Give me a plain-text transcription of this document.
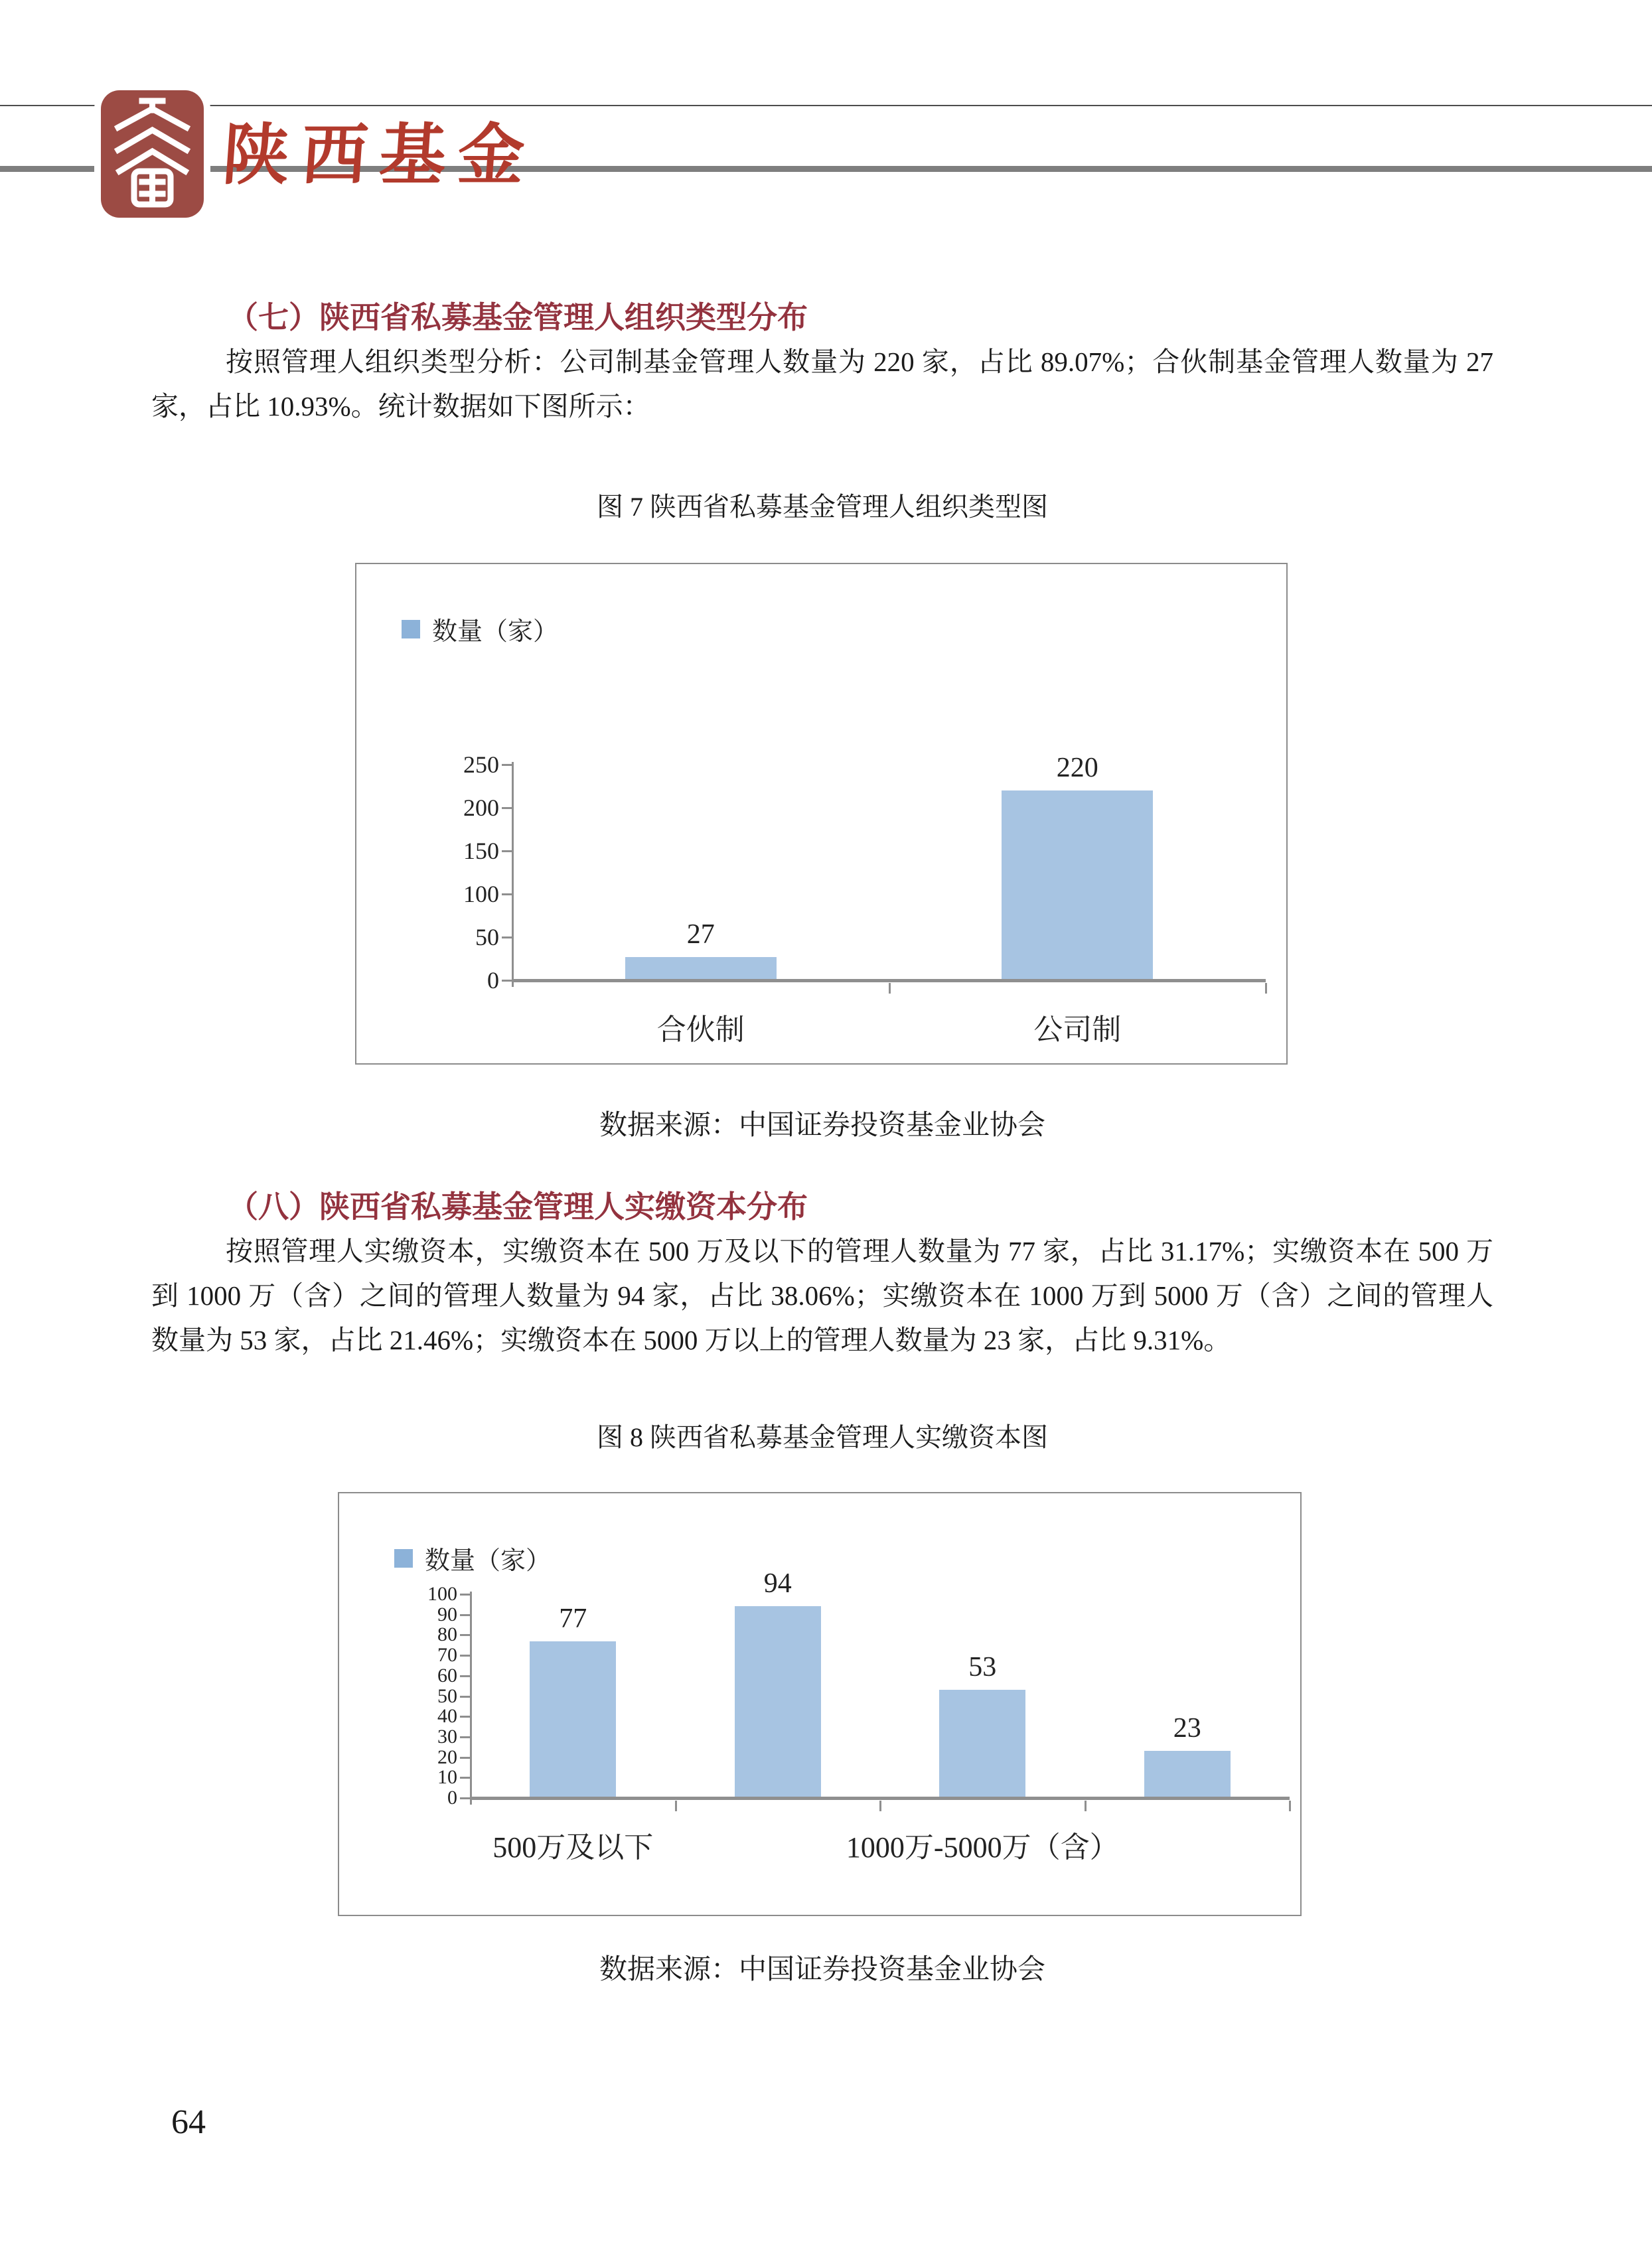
陕西基金
（七）陕西省私募基金管理人组织类型分布
按照管理人组织类型分析：公司制基金管理人数量为 220 家，占比 89.07%；合伙制基金管理人数量为 27 家，占比 10.93%。统计数据如下图所示：
图 7 陕西省私募基金管理人组织类型图
数量（家）
0
50
100
150
200
250
27
220
合伙制	公司制
数据来源：中国证券投资基金业协会
（八）陕西省私募基金管理人实缴资本分布
按照管理人实缴资本，实缴资本在 500 万及以下的管理人数量为 77 家，占比 31.17%；实缴资本在 500 万到 1000 万（含）之间的管理人数量为 94 家，占比 38.06%；实缴资本在 1000 万到 5000 万（含）之间的管理人数量为 53 家，占比 21.46%；实缴资本在 5000 万以上的管理人数量为 23 家，占比 9.31%。
图 8 陕西省私募基金管理人实缴资本图
数量（家）
0
10
20
30
40
50
60
70
80
90
100
77
94
53
23
500万及以下	1000万-5000万（含）
数据来源：中国证券投资基金业协会
64
